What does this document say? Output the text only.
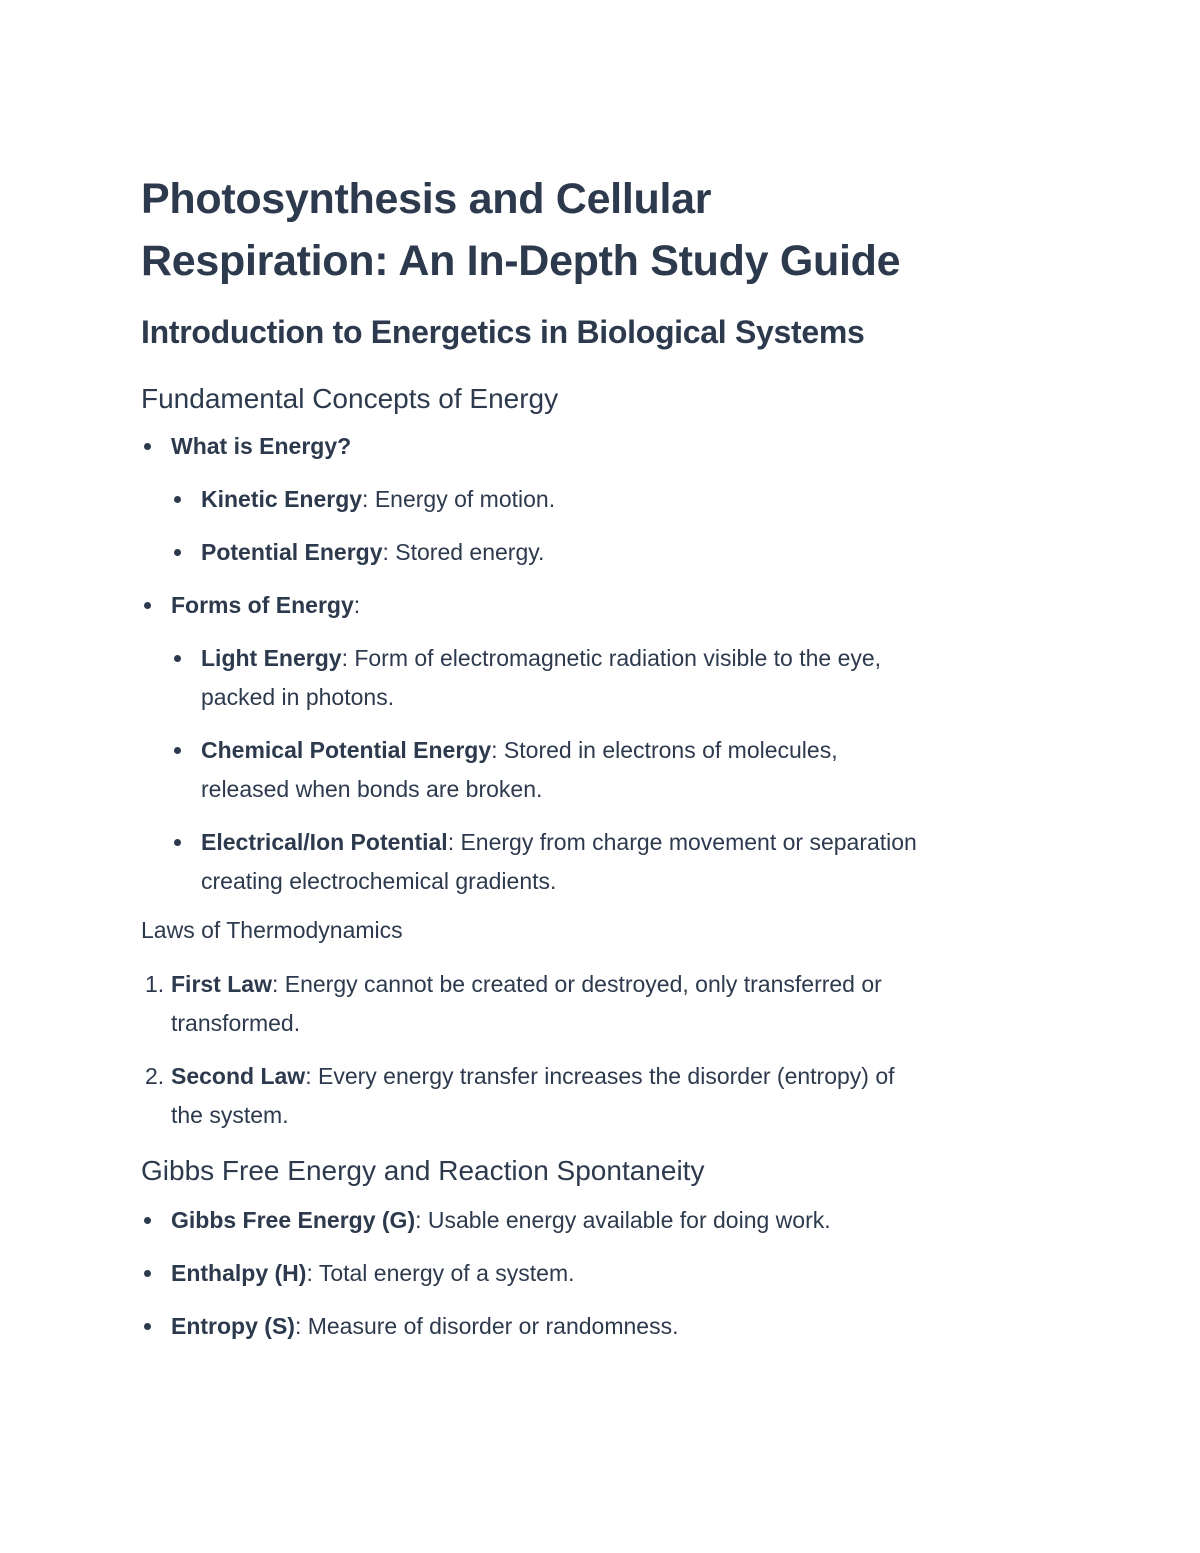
Photosynthesis and Cellular
Respiration: An In-Depth Study Guide
Introduction to Energetics in Biological Systems
Fundamental Concepts of Energy
What is Energy?
Kinetic Energy: Energy of motion.
Potential Energy: Stored energy.
Forms of Energy:
Light Energy: Form of electromagnetic radiation visible to the eye,
packed in photons.
Chemical Potential Energy: Stored in electrons of molecules,
released when bonds are broken.
Electrical/Ion Potential: Energy from charge movement or separation
creating electrochemical gradients.
Laws of Thermodynamics
1. First Law: Energy cannot be created or destroyed, only transferred or
transformed.
2. Second Law: Every energy transfer increases the disorder (entropy) of
the system.
Gibbs Free Energy and Reaction Spontaneity
Gibbs Free Energy (G): Usable energy available for doing work.
Enthalpy (H): Total energy of a system.
Entropy (S): Measure of disorder or randomness.
